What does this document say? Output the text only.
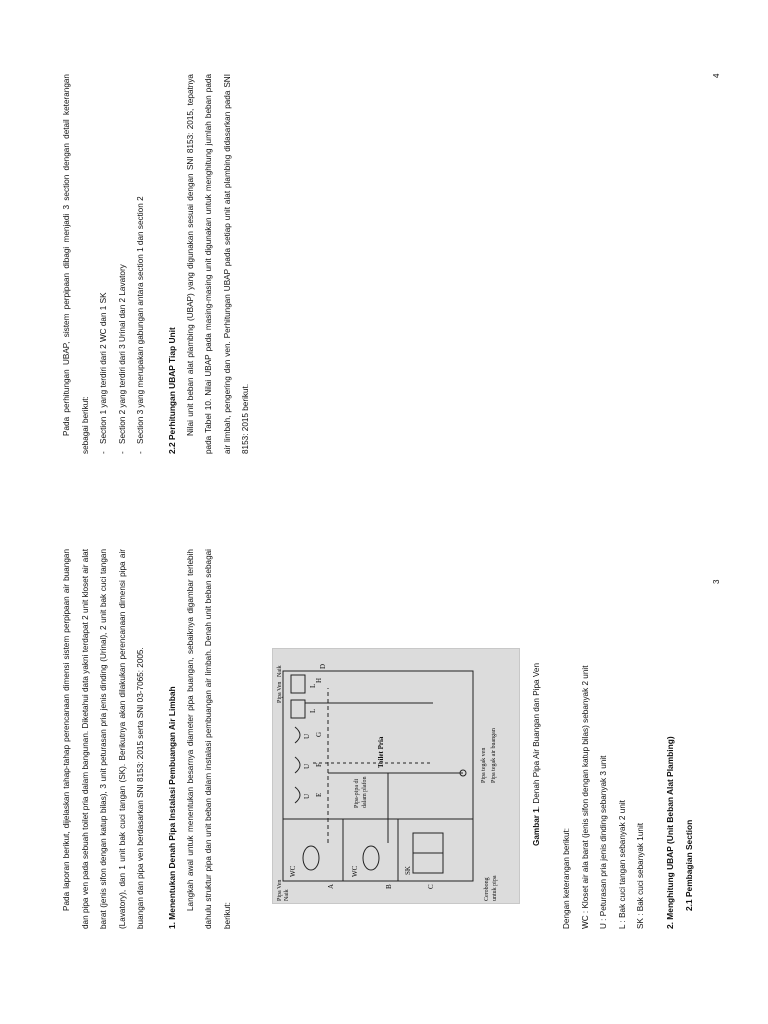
Pada laporan berikut, dijelaskan tahap-tahap perencanaan dimensi sistem perpipaan air buangan dan pipa ven pada sebuah toilet pria dalam bangunan. Diketahui data yakni terdapat 2 unit kloset air alat barat (jenis sifon dengan katup bilas), 3 unit peturasan pria jenis dinding (Urinal), 2 unit bak cuci tangan (Lavatory), dan 1 unit bak cuci tangan (SK). Berikutnya akan dilakukan perencanaan dimensi pipa air buangan dan pipa ven berdasarkan SNI 8153: 2015 serta SNI 03-7065: 2005.	1. Menentukan Denah Pipa Instalasi Pembuangan Air Limbah	Langkah awal untuk menentukan besarnya diameter pipa buangan, sebaiknya digambar terlebih dahulu struktur pipa dan unit beban dalam instalasi pembuangan air limbah. Denah unit beban sebagai berikut:

WC	WC	SK
Toilet Pria
Pipa-pipa di dalam plafon
Cerobong untuk pipa
Pipa tegak ven Pipa tegak air buangan
Pipa Ven Naik
Pipa Ven
Naik
A	B	C
D
E
F
G
H
U
U
U
L
L
Gambar 1. Denah Pipa Air Buangan dan Pipa Ven

Dengan keterangan berikut:	WC : Kloset air ala barat (jenis sifon dengan katup bilas) sebanyak 2 unit	U : Peturasan pria jenis dinding sebanyak 3 unit	L : Bak cuci tangan sebanyak 2 unit	SK : Bak cuci sebanyak 1unit	2. Menghitung UBAP (Unit Beban Alat Plambing)	2.1 Pembagian Section

3

Pada perhitungan UBAP, sistem perpipaan dibagi menjadi 3 section dengan detail keterangan sebagai berikut:	- Section 1 yang terdiri dari 2 WC dan 1 SK	- Section 2 yang terdiri dari 3 Urinal dan 2 Lavatory	- Section 3 yang merupakan gabungan antara section 1 dan section 2	2.2 Perhitungan UBAP Tiap Unit	Nilai unit beban alat plambing (UBAP) yang digunakan sesuai dengan SNI 8153: 2015, tepatnya pada Tabel 10. Nilai UBAP pada masing-masing unit digunakan untuk menghitung jumlah beban pada air limbah, pengering dan ven. Perhitungan UBAP pada setiap unit alat plambing didasarkan pada SNI 8153: 2015 berikut.

4
